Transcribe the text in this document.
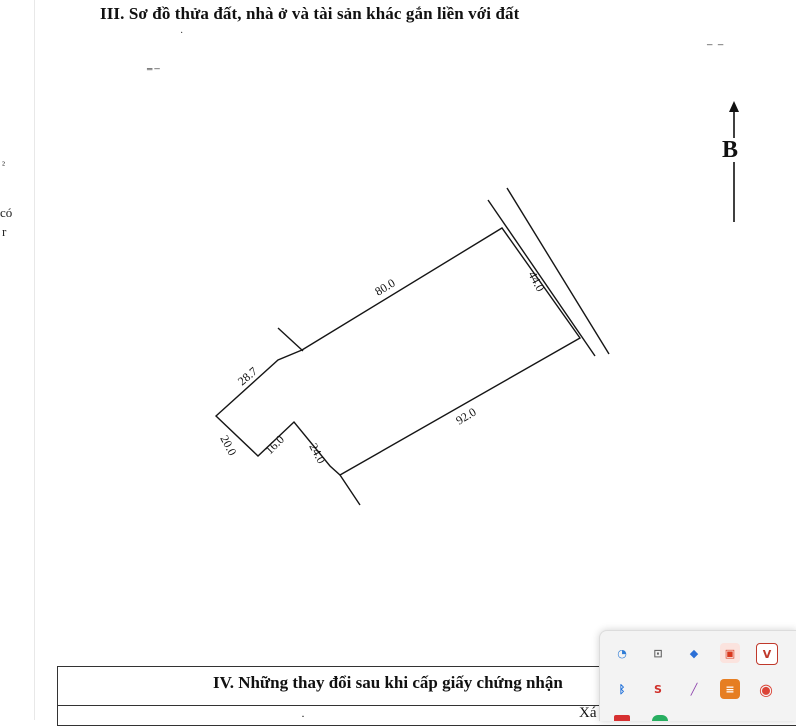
²
có
r
III. Sơ đồ thửa đất, nhà ở và tài sản khác gắn liền với đất
⁼⁻
⁻ ⁻
·
80.0	44.0
92.0
28.7
20.0 16.0 24.0
B
IV. Những thay đổi sau khi cấp giấy chứng nhận
·	Xá
◔ ⊡ ◆ ▣	V
ᛒ	S	╱	≡ ◉
